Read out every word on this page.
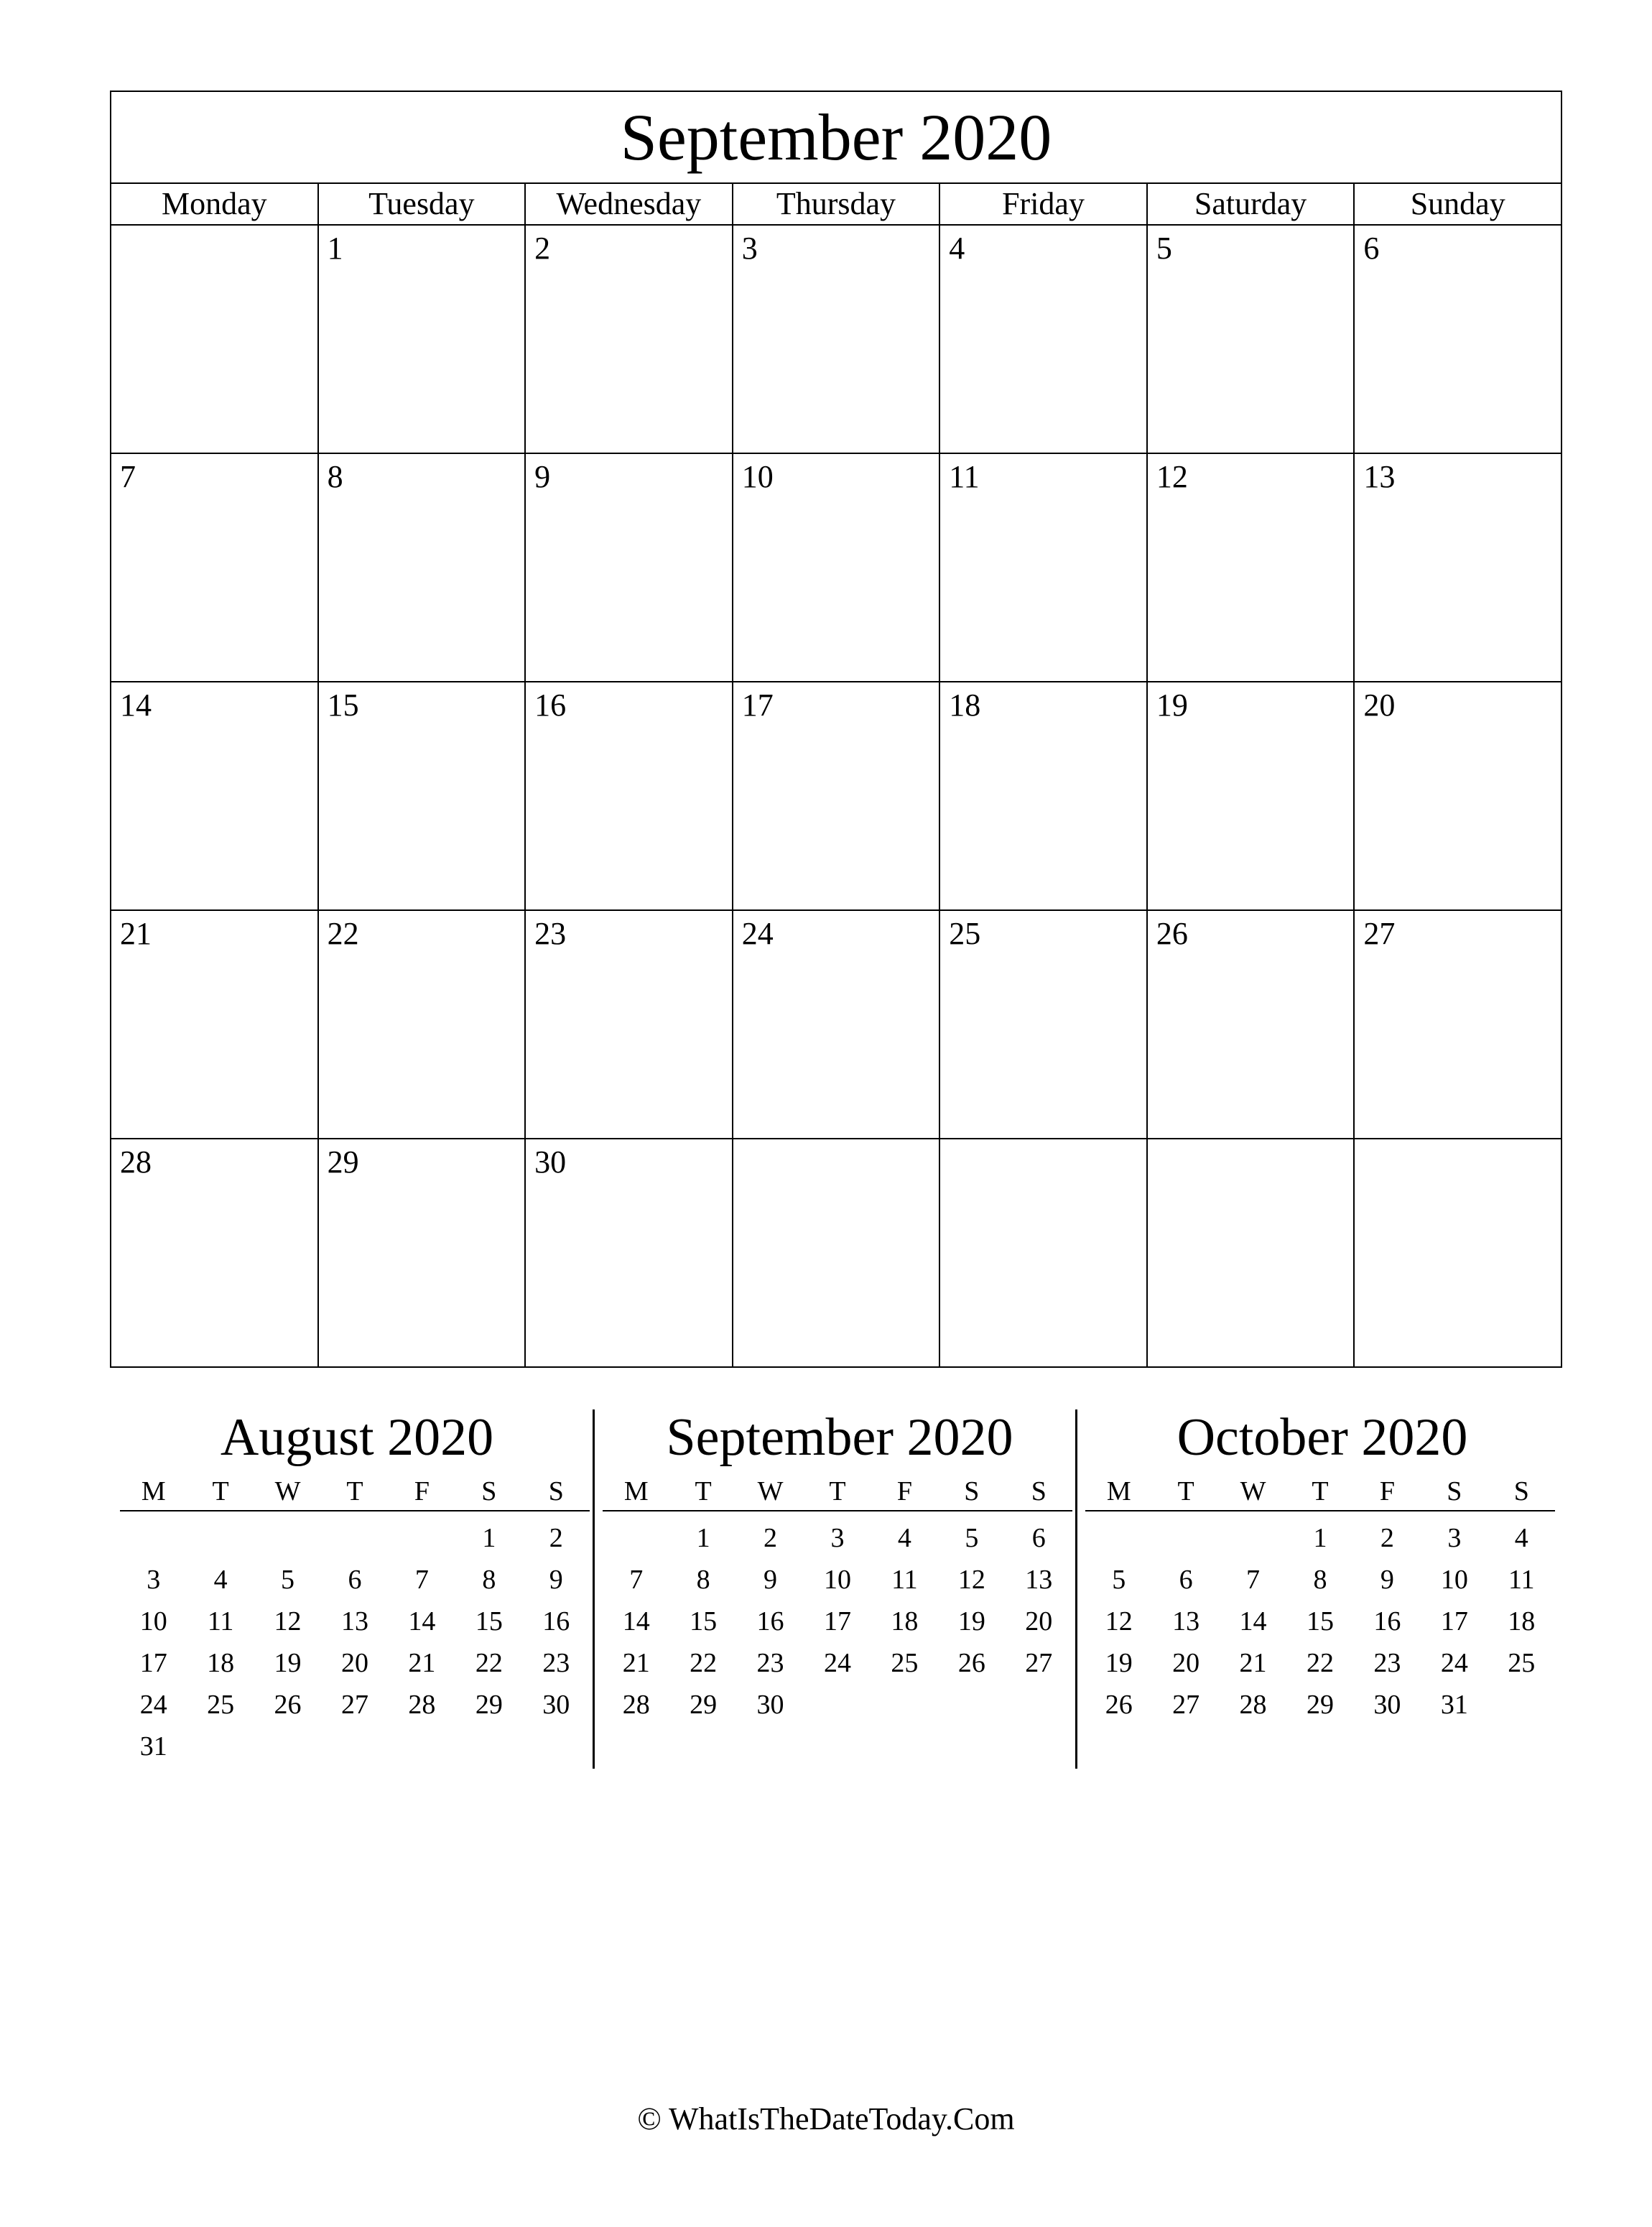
September 2020						
Monday	Tuesday	Wednesday	Thursday	Friday	Saturday	Sunday

	1	2	3	4	5	6

7	8	9	10	11	12	13

14	15	16	17	18	19	20

21	22	23	24	25	26	27

28	29	30				

August 2020
M	T	W	T	F	S	S
					1	2
3	4	5	6	7	8	9
10	11	12	13	14	15	16
17	18	19	20	21	22	23
24	25	26	27	28	29	30
31						
September 2020
M	T	W	T	F	S	S
	1	2	3	4	5	6
7	8	9	10	11	12	13
14	15	16	17	18	19	20
21	22	23	24	25	26	27
28	29	30				
October 2020
M	T	W	T	F	S	S
			1	2	3	4
5	6	7	8	9	10	11
12	13	14	15	16	17	18
19	20	21	22	23	24	25
26	27	28	29	30	31	
© WhatIsTheDateToday.Com
